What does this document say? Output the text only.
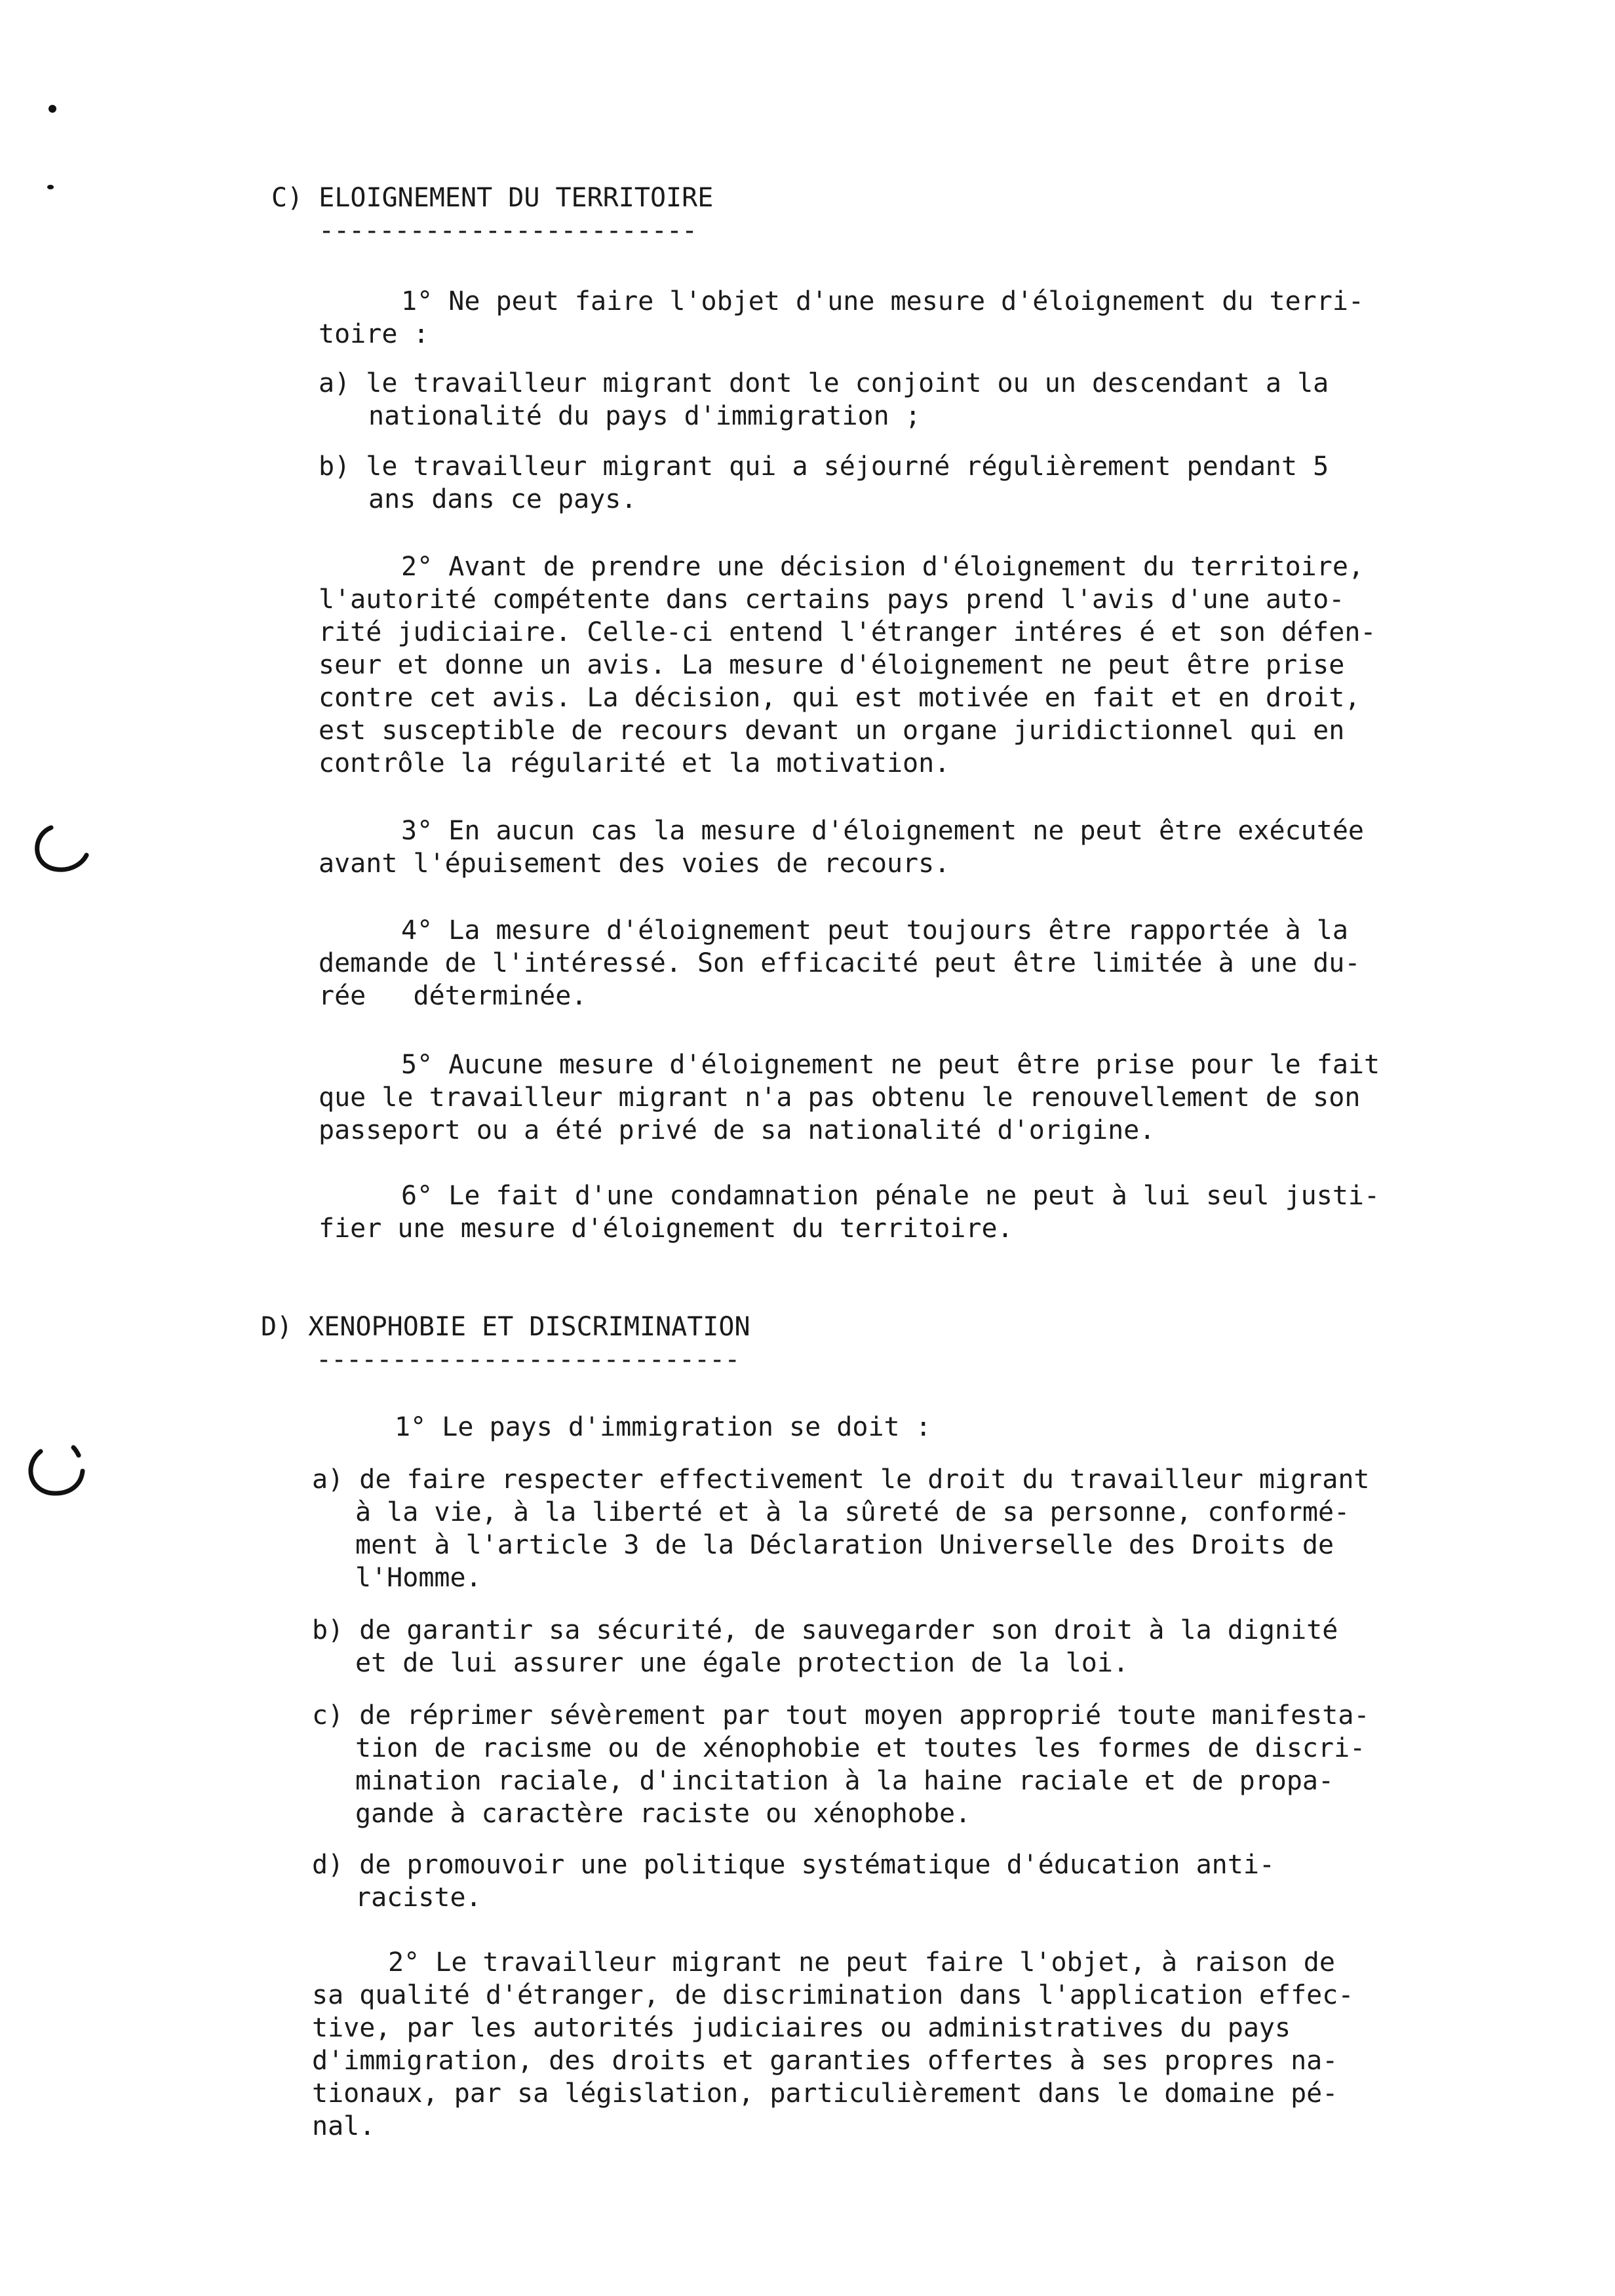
C) ELOIGNEMENT DU TERRITOIRE
-------------------------
1° Ne peut faire l'objet d'une mesure d'éloignement du terri-
toire :
a) le travailleur migrant dont le conjoint ou un descendant a la
nationalité du pays d'immigration ;
b) le travailleur migrant qui a séjourné régulièrement pendant 5
ans dans ce pays.
2° Avant de prendre une décision d'éloignement du territoire,
l'autorité compétente dans certains pays prend l'avis d'une auto-
rité judiciaire. Celle-ci entend l'étranger intéres é et son défen-
seur et donne un avis. La mesure d'éloignement ne peut être prise
contre cet avis. La décision, qui est motivée en fait et en droit,
est susceptible de recours devant un organe juridictionnel qui en
contrôle la régularité et la motivation.
3° En aucun cas la mesure d'éloignement ne peut être exécutée
avant l'épuisement des voies de recours.
4° La mesure d'éloignement peut toujours être rapportée à la
demande de l'intéressé. Son efficacité peut être limitée à une du-
rée   déterminée.
5° Aucune mesure d'éloignement ne peut être prise pour le fait
que le travailleur migrant n'a pas obtenu le renouvellement de son
passeport ou a été privé de sa nationalité d'origine.
6° Le fait d'une condamnation pénale ne peut à lui seul justi-
fier une mesure d'éloignement du territoire.
D) XENOPHOBIE ET DISCRIMINATION
----------------------------
1° Le pays d'immigration se doit :
a) de faire respecter effectivement le droit du travailleur migrant
à la vie, à la liberté et à la sûreté de sa personne, conformé-
ment à l'article 3 de la Déclaration Universelle des Droits de
l'Homme.
b) de garantir sa sécurité, de sauvegarder son droit à la dignité
et de lui assurer une égale protection de la loi.
c) de réprimer sévèrement par tout moyen approprié toute manifesta-
tion de racisme ou de xénophobie et toutes les formes de discri-
mination raciale, d'incitation à la haine raciale et de propa-
gande à caractère raciste ou xénophobe.
d) de promouvoir une politique systématique d'éducation anti-
raciste.
2° Le travailleur migrant ne peut faire l'objet, à raison de
sa qualité d'étranger, de discrimination dans l'application effec-
tive, par les autorités judiciaires ou administratives du pays
d'immigration, des droits et garanties offertes à ses propres na-
tionaux, par sa législation, particulièrement dans le domaine pé-
nal.
